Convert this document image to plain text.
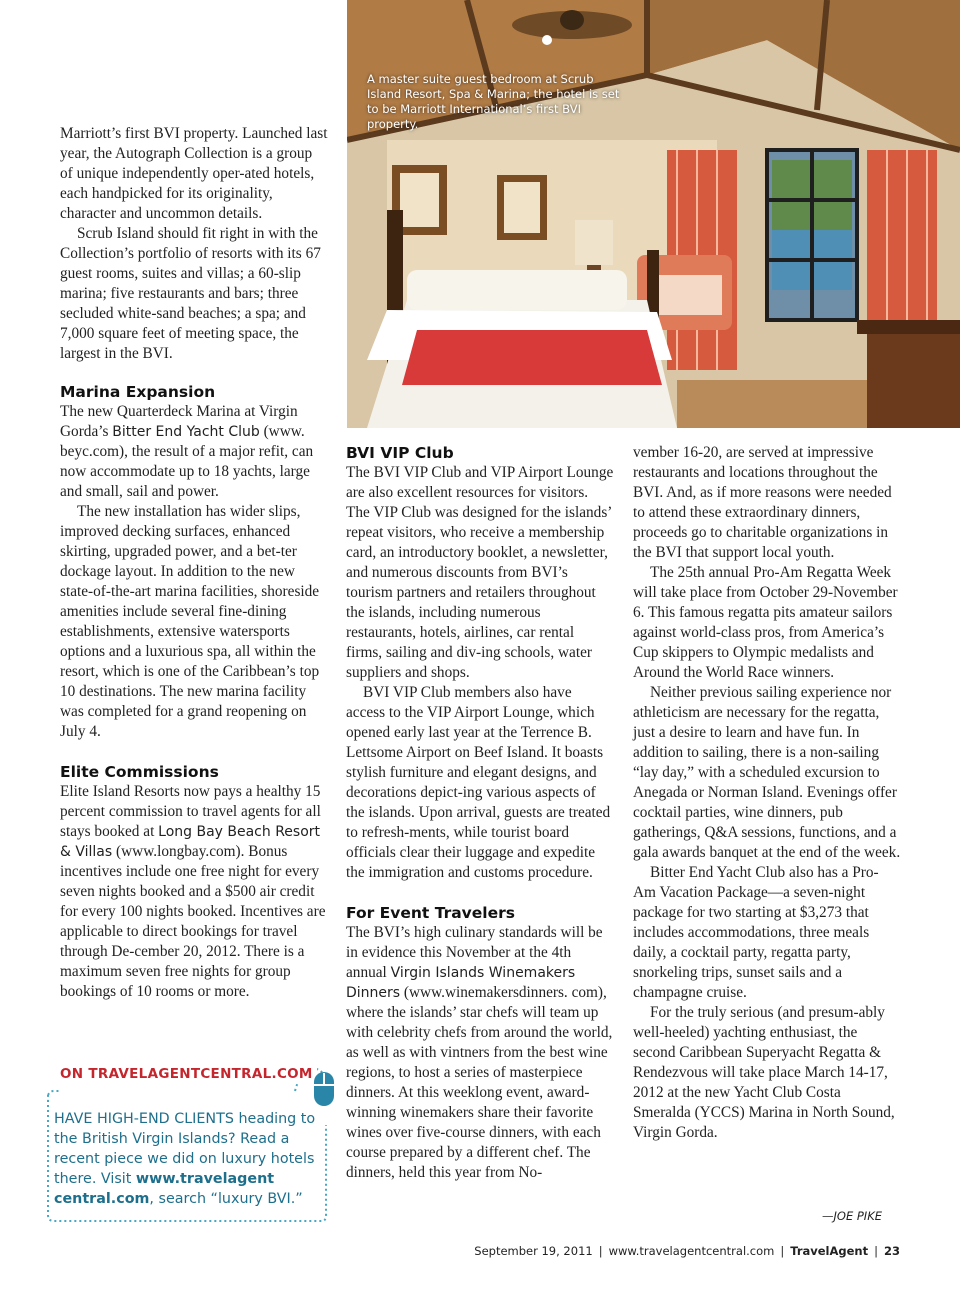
A master suite guest bedroom at Scrub Island Resort, Spa & Marina; the hotel is set to be Marriott International’s first BVI property.

Marriott’s first BVI property. Launched last year, the Autograph Collection is a group of unique independently oper-ated hotels, each handpicked for its originality, character and uncommon details.

Scrub Island should fit right in with the Collection’s portfolio of resorts with its 67 guest rooms, suites and villas; a 60-slip marina; five restaurants and bars; three secluded white-sand beaches; a spa; and 7,000 square feet of meeting space, the largest in the BVI.

Marina Expansion

The new Quarterdeck Marina at Virgin Gorda’s Bitter End Yacht Club (www. beyc.com), the result of a major refit, can now accommodate up to 18 yachts, large and small, sail and power.

The new installation has wider slips, improved decking surfaces, enhanced skirting, upgraded power, and a bet-ter dockage layout. In addition to the new state-of-the-art marina facilities, shoreside amenities include several fine-dining establishments, extensive watersports options and a luxurious spa, all within the resort, which is one of the Caribbean’s top 10 destinations. The new marina facility was completed for a grand reopening on July 4.

Elite Commissions

Elite Island Resorts now pays a healthy 15 percent commission to travel agents for all stays booked at Long Bay Beach Resort & Villas (www.longbay.com). Bonus incentives include one free night for every seven nights booked and a $500 air credit for every 100 nights booked. Incentives are applicable to direct bookings for travel through De-cember 20, 2012. There is a maximum seven free nights for group bookings of 10 rooms or more.

ON TRAVELAGENTCENTRAL.COM
HAVE HIGH-END CLIENTS heading to the British Virgin Islands? Read a recent piece we did on luxury hotels there. Visit www.travelagent central.com, search “luxury BVI.”
BVI VIP Club

The BVI VIP Club and VIP Airport Lounge are also excellent resources for visitors. The VIP Club was designed for the islands’ repeat visitors, who receive a membership card, an introductory booklet, a newsletter, and numerous discounts from BVI’s tourism partners and retailers throughout the islands, including numerous restaurants, hotels, airlines, car rental firms, sailing and div-ing schools, water suppliers and shops.

BVI VIP Club members also have access to the VIP Airport Lounge, which opened early last year at the Terrence B. Lettsome Airport on Beef Island. It boasts stylish furniture and elegant designs, and decorations depict-ing various aspects of the islands. Upon arrival, guests are treated to refresh-ments, while tourist board officials clear their luggage and expedite the immigration and customs procedure.

For Event Travelers

The BVI’s high culinary standards will be in evidence this November at the 4th annual Virgin Islands Winemakers Dinners (www.winemakersdinners. com), where the islands’ star chefs will team up with celebrity chefs from around the world, as well as with vintners from the best wine regions, to host a series of masterpiece dinners. At this weeklong event, award-winning winemakers share their favorite wines over five-course dinners, with each course prepared by a different chef. The dinners, held this year from No-

vember 16-20, are served at impressive restaurants and locations throughout the BVI. And, as if more reasons were needed to attend these extraordinary dinners, proceeds go to charitable organizations in the BVI that support local youth.

The 25th annual Pro-Am Regatta Week will take place from October 29-November 6. This famous regatta pits amateur sailors against world-class pros, from America’s Cup skippers to Olympic medalists and Around the World Race winners.

Neither previous sailing experience nor athleticism are necessary for the regatta, just a desire to learn and have fun. In addition to sailing, there is a non-sailing “lay day,” with a scheduled excursion to Anegada or Norman Island. Evenings offer cocktail parties, wine dinners, pub gatherings, Q&A sessions, functions, and a gala awards banquet at the end of the week.

Bitter End Yacht Club also has a Pro-Am Vacation Package—a seven-night package for two starting at $3,273 that includes accommodations, three meals daily, a cocktail party, regatta party, snorkeling trips, sunset sails and a champagne cruise.

For the truly serious (and presum-ably well-heeled) yachting enthusiast, the second Caribbean Superyacht Regatta & Rendezvous will take place March 14-17, 2012 at the new Yacht Club Costa Smeralda (YCCS) Marina in North Sound, Virgin Gorda.

—JOE PIKE
September 19, 2011 | www.travelagentcentral.com | TravelAgent | 23
